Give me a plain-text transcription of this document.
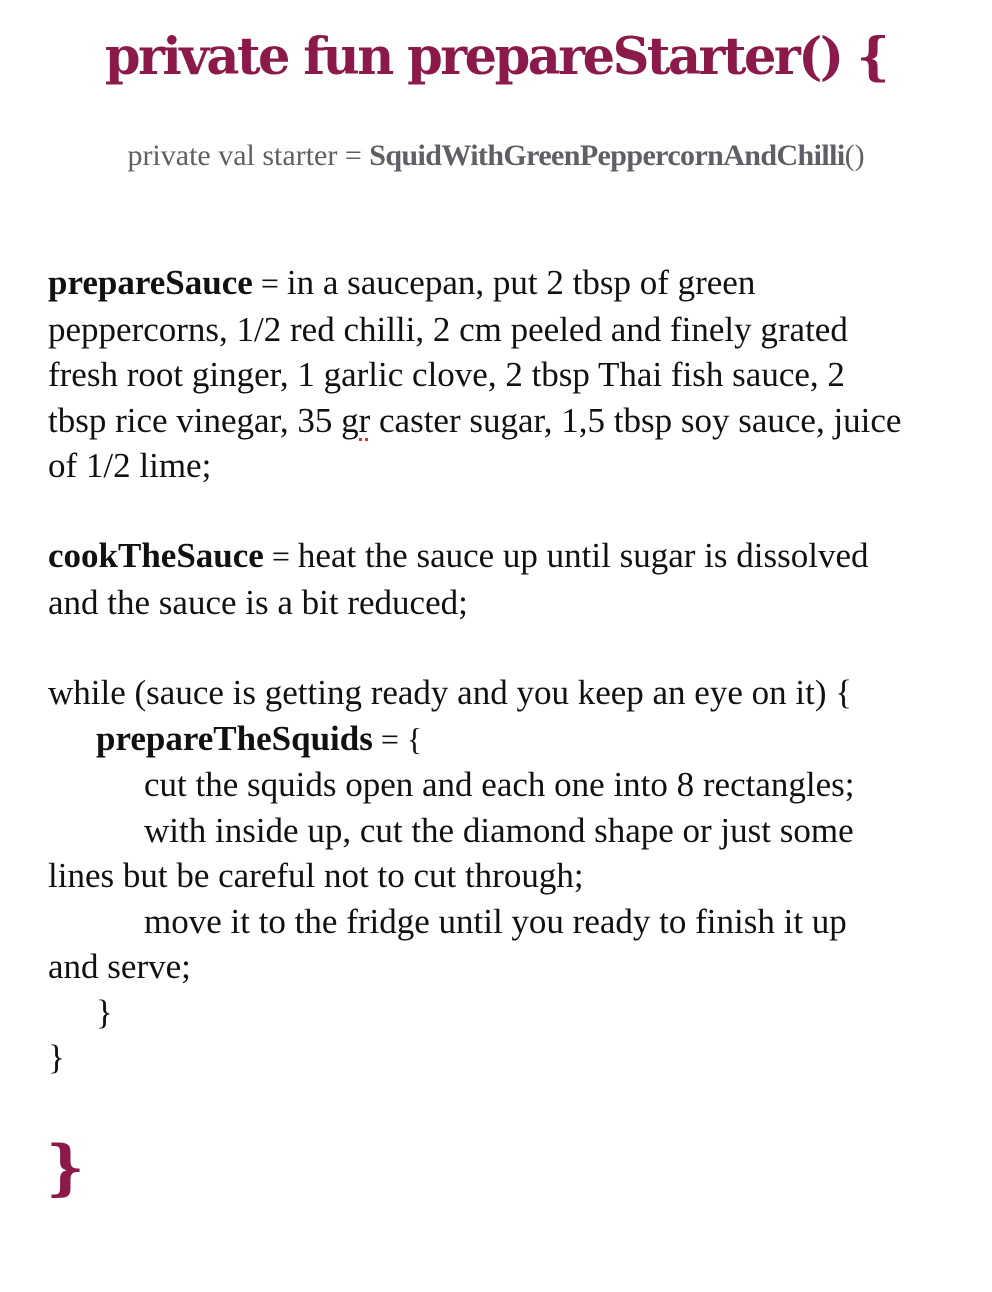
private fun prepareStarter() {

private val starter = SquidWithGreenPeppercornAndChilli()

prepareSauce = in a saucepan, put 2 tbsp of green
peppercorns, 1/2 red chilli, 2 cm peeled and finely grated
fresh root ginger, 1 garlic clove, 2 tbsp Thai fish sauce, 2
tbsp rice vinegar, 35 gr caster sugar, 1,5 tbsp soy sauce, juice
of 1/2 lime;
cookTheSauce = heat the sauce up until sugar is dissolved
and the sauce is a bit reduced;
while (sauce is getting ready and you keep an eye on it) {
prepareTheSquids = {
cut the squids open and each one into 8 rectangles;
with inside up, cut the diamond shape or just some
lines but be careful not to cut through;
move it to the fridge until you ready to finish it up
and serve;
}
}
}
